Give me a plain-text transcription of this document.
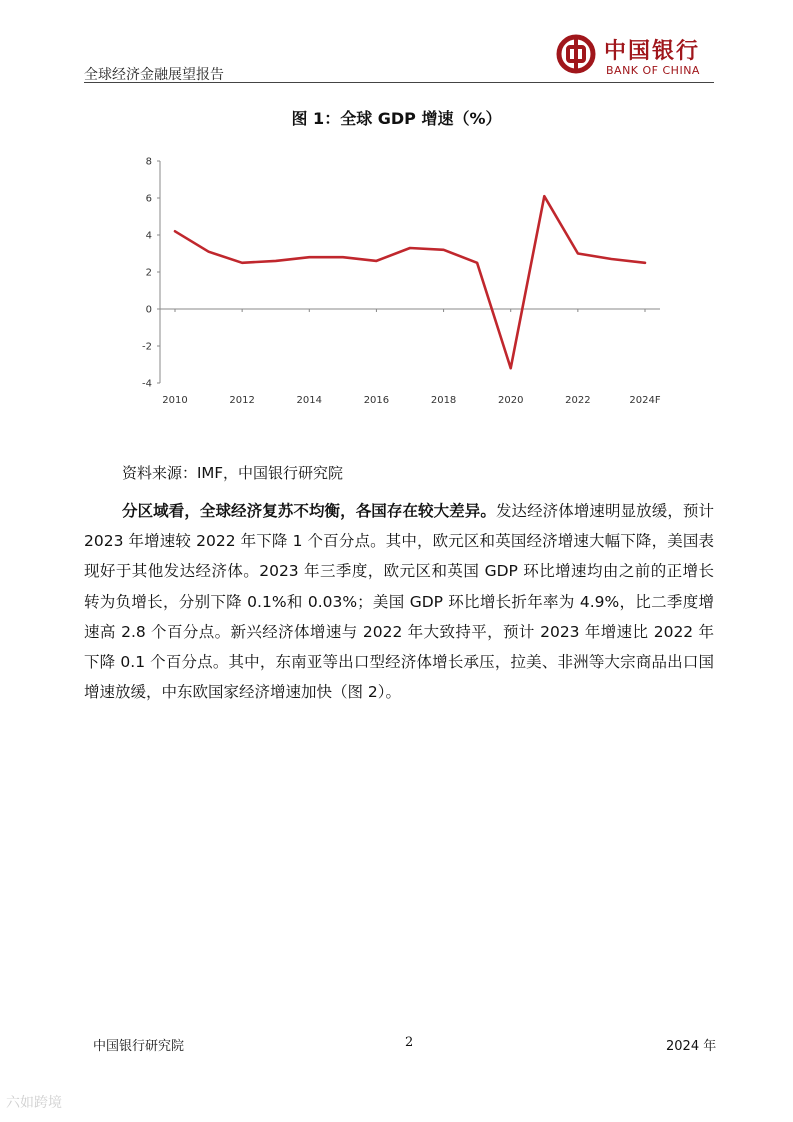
全球经济金融展望报告
中国银行
BANK OF CHINA
图 1：全球 GDP 增速（%）
8
6
4
2
0
-2
-4
2010	2012	2014	2016	2018	2020	2022	2024F
资料来源：IMF，中国银行研究院
分区域看，全球经济复苏不均衡，各国存在较大差异。发达经济体增速明显放缓，预计 2023 年增速较 2022 年下降 1 个百分点。其中，欧元区和英国经济增速大幅下降，美国表现好于其他发达经济体。2023 年三季度，欧元区和英国 GDP 环比增速均由之前的正增长转为负增长，分别下降 0.1%和 0.03%；美国 GDP 环比增长折年率为 4.9%，比二季度增速高 2.8 个百分点。新兴经济体增速与 2022 年大致持平，预计 2023 年增速比 2022 年下降 0.1 个百分点。其中，东南亚等出口型经济体增长承压，拉美、非洲等大宗商品出口国增速放缓，中东欧国家经济增速加快（图 2）。
中国银行研究院	2	2024 年
六如跨境
